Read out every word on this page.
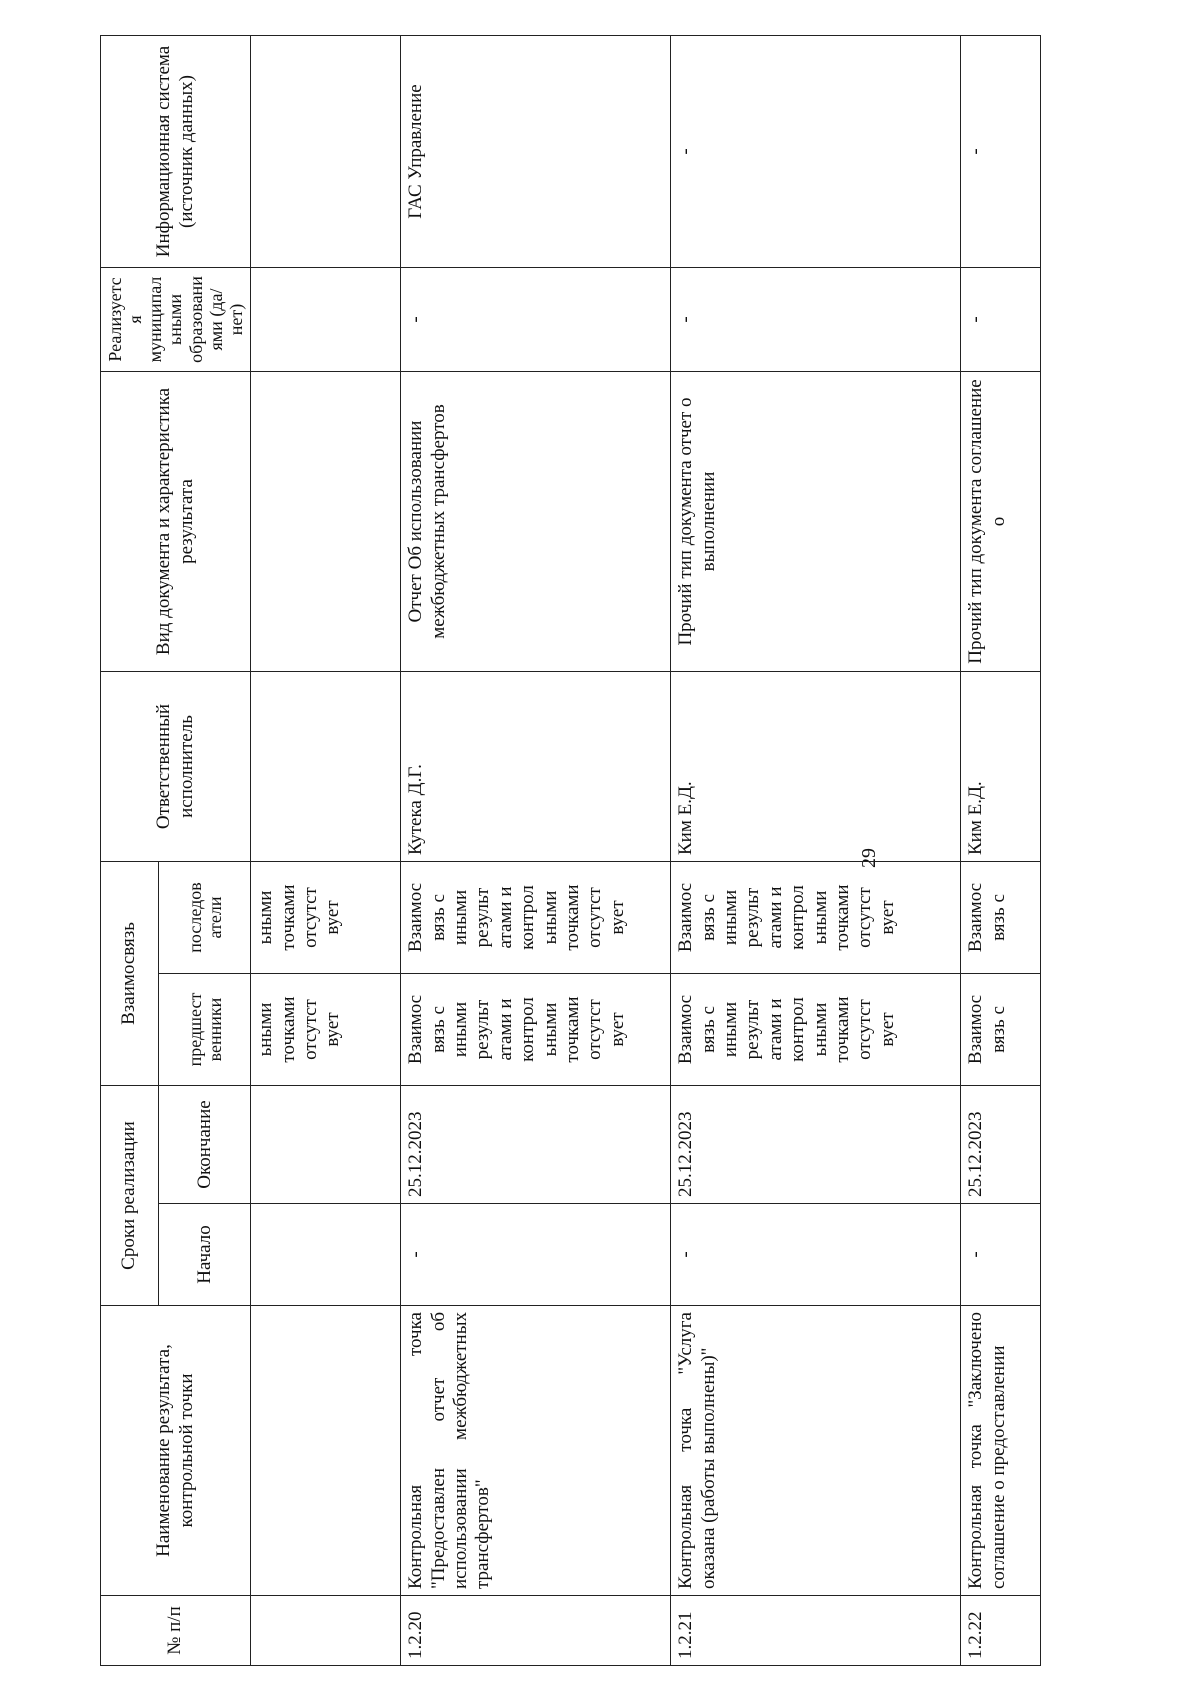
29
№ п/п	Наименование результата, контрольной точки	Сроки реализации		Взаимосвязь		Ответственный исполнитель	Вид документа и характеристика результата	Реализуется муниципальными образованиями (да/нет)	Информационная система (источник данных)
		Начало	Окончание	предшест венники	последов атели				
				ьными точками отсутст вует	ьными точками отсутст вует				
1.2.20	Контрольная точка "Предоставлен отчет об использовании межбюджетных трансфертов"	-	25.12.2023	Взаимос вязь с иными результ атами и контрол ьными точками отсутст вует	Взаимос вязь с иными результ атами и контрол ьными точками отсутст вует	Кутека Д.Г.	Отчет Об использовании межбюджетных трансфертов	-	ГАС Управление
1.2.21	Контрольная точка "Услуга оказана (работы выполнены)"	-	25.12.2023	Взаимос вязь с иными результ атами и контрол ьными точками отсутст вует	Взаимос вязь с иными результ атами и контрол ьными точками отсутст вует	Ким Е.Д.	Прочий тип документа отчет о выполнении	-	-
1.2.22	Контрольная точка "Заключено соглашение о предоставлении	-	25.12.2023	Взаимос вязь с	Взаимос вязь с	Ким Е.Д.	Прочий тип документа соглашение о	-	-
